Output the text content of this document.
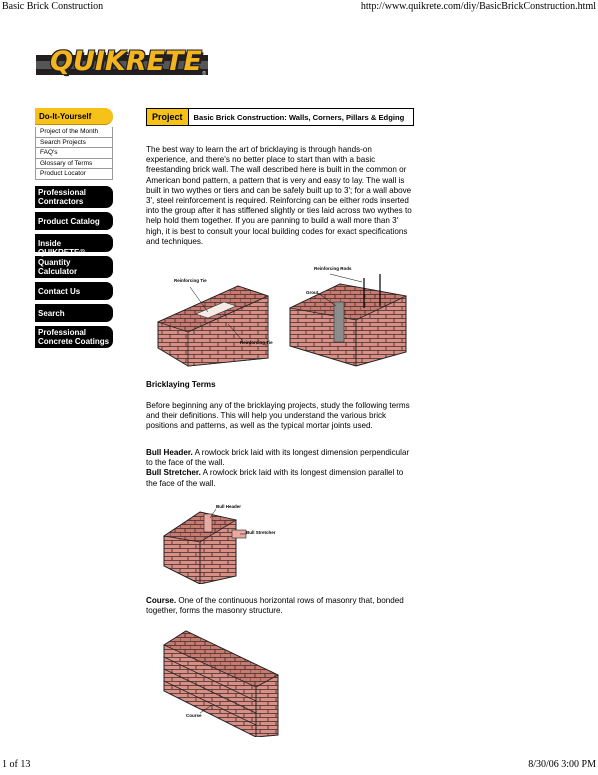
Basic Brick Construction	http://www.quikrete.com/diy/BasicBrickConstruction.html
QUIKRETE ®
Do-It-Yourself
Project of the Month
Search Projects
FAQ's
Glossary of Terms
Product Locator
Professional
Contractors
Product Catalog
Inside QUIKRETE®
Quantity
Calculator
Contact Us
Search
Professional
Concrete Coatings
Project	Basic Brick Construction: Walls, Corners, Pillars & Edging

The best way to learn the art of bricklaying is through hands-on experience, and there's no better place to start than with a basic freestanding brick wall. The wall described here is built in the common or American bond pattern, a pattern that is very and easy to lay. The wall is built in two wythes or tiers and can be safely built up to 3'; for a wall above 3', steel reinforcement is required. Reinforcing can be either rods inserted into the group after it has stiffened slightly or ties laid across two wythes to help hold them together. If you are panning to build a wall more than 3' high, it is best to consult your local building codes for exact specifications and techniques.

Reinforcing Tie
Reinforcing Tie
Reinforcing Rods
Grout

Bricklaying Terms

Before beginning any of the bricklaying projects, study the following terms and their definitions. This will help you understand the various brick positions and patterns, as well as the typical mortar joints used.

Bull Header. A rowlock brick laid with its longest dimension perpendicular to the face of the wall.

Bull Stretcher. A rowlock brick laid with its longest dimension parallel to the face of the wall.

Bull Header
Bull Stretcher

Course. One of the continuous horizontal rows of masonry that, bonded together, forms the masonry structure.

Course
1 of 13	8/30/06 3:00 PM
